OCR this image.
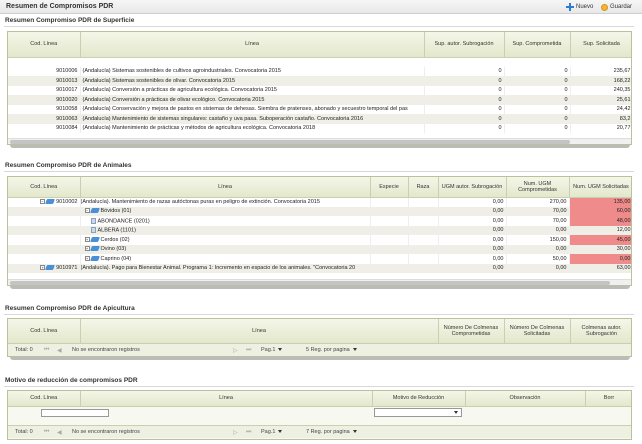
Resumen de Compromisos PDR	Nuevo	Guardar
Resumen Compromiso PDR de Superficie
Cod. Línea	Línea	Sup. autor. Subrogación	Sup. Comprometida	Sup. Solicitada

9010006	(Andalucía) Sistemas sostenibles de cultivos agroindustriales. Convocatoria 2015	0	0	235,67
9010013	(Andalucía) Sistemas sostenibles de olivar. Convocatoria 2015	0	0	168,22
9010017	(Andalucía) Conversión a prácticas de agricultura ecológica. Convocatoria 2015	0	0	240,35
9010020	(Andalucía) Conversión a prácticas de olivar ecológico. Convocatoria 2015	0	0	25,61
9010058	(Andalucía) Conservación y mejora de pastos en sistemas de dehesas. Siembra de pratenses, abonado y secuestro temporal del pas	0	0	24,42
9010063	(Andalucía) Mantenimiento de sistemas singulares: castaño y uva pasa. Suboperación castaño. Convocatoria 2016	0	0	83,2
9010084	(Andalucía) Mantenimiento de prácticas y métodos de agricultura ecológica. Convocatoria 2018	0	0	20,77
Resumen Compromiso PDR de Animales
Cod. Línea	Línea	Especie	Raza	UGM autor. Subrogación	Num. UGM Comprometidas	Num. UGM Solicitadas
− 9010002	(Andalucía). Mantenimiento de razas autóctonas puras en peligro de extinción. Convocatoria 2015			0,00	270,00	135,00
	− Bóvidos (01)			0,00	70,00	60,00
	ABONDANCE (0201)			0,00	70,00	48,00
	ALBERA (1101)			0,00	0,00	12,00
	+ Cerdos (02)			0,00	150,00	45,00
	+ Ovino (03)			0,00	0,00	30,00
	+ Caprino (04)			0,00	50,00	0,00
+ 9010971	(Andalucía). Pago para Bienestar Animal. Programa 1: Incremento en espacio de los animales. "Convocatoria 20			0,00	0,00	63,00
Resumen Compromiso PDR de Apicultura
Cod. Línea	Línea	Número De Colmenas Comprometidas	Número De Colmenas Solicitadas	Colmenas autor. Subrogación
Total: 0 ⏮ ◀ No se encontraron registros	▷ ⏭ Pag.1	5 Reg. por pagina
Motivo de reducción de compromisos PDR
Cod. Línea	Línea	Motivo de Reducción	Observación	Borr
Total: 0 ⏮ ◀ No se encontraron registros	▷ ⏭ Pag.1	7 Reg. por pagina
